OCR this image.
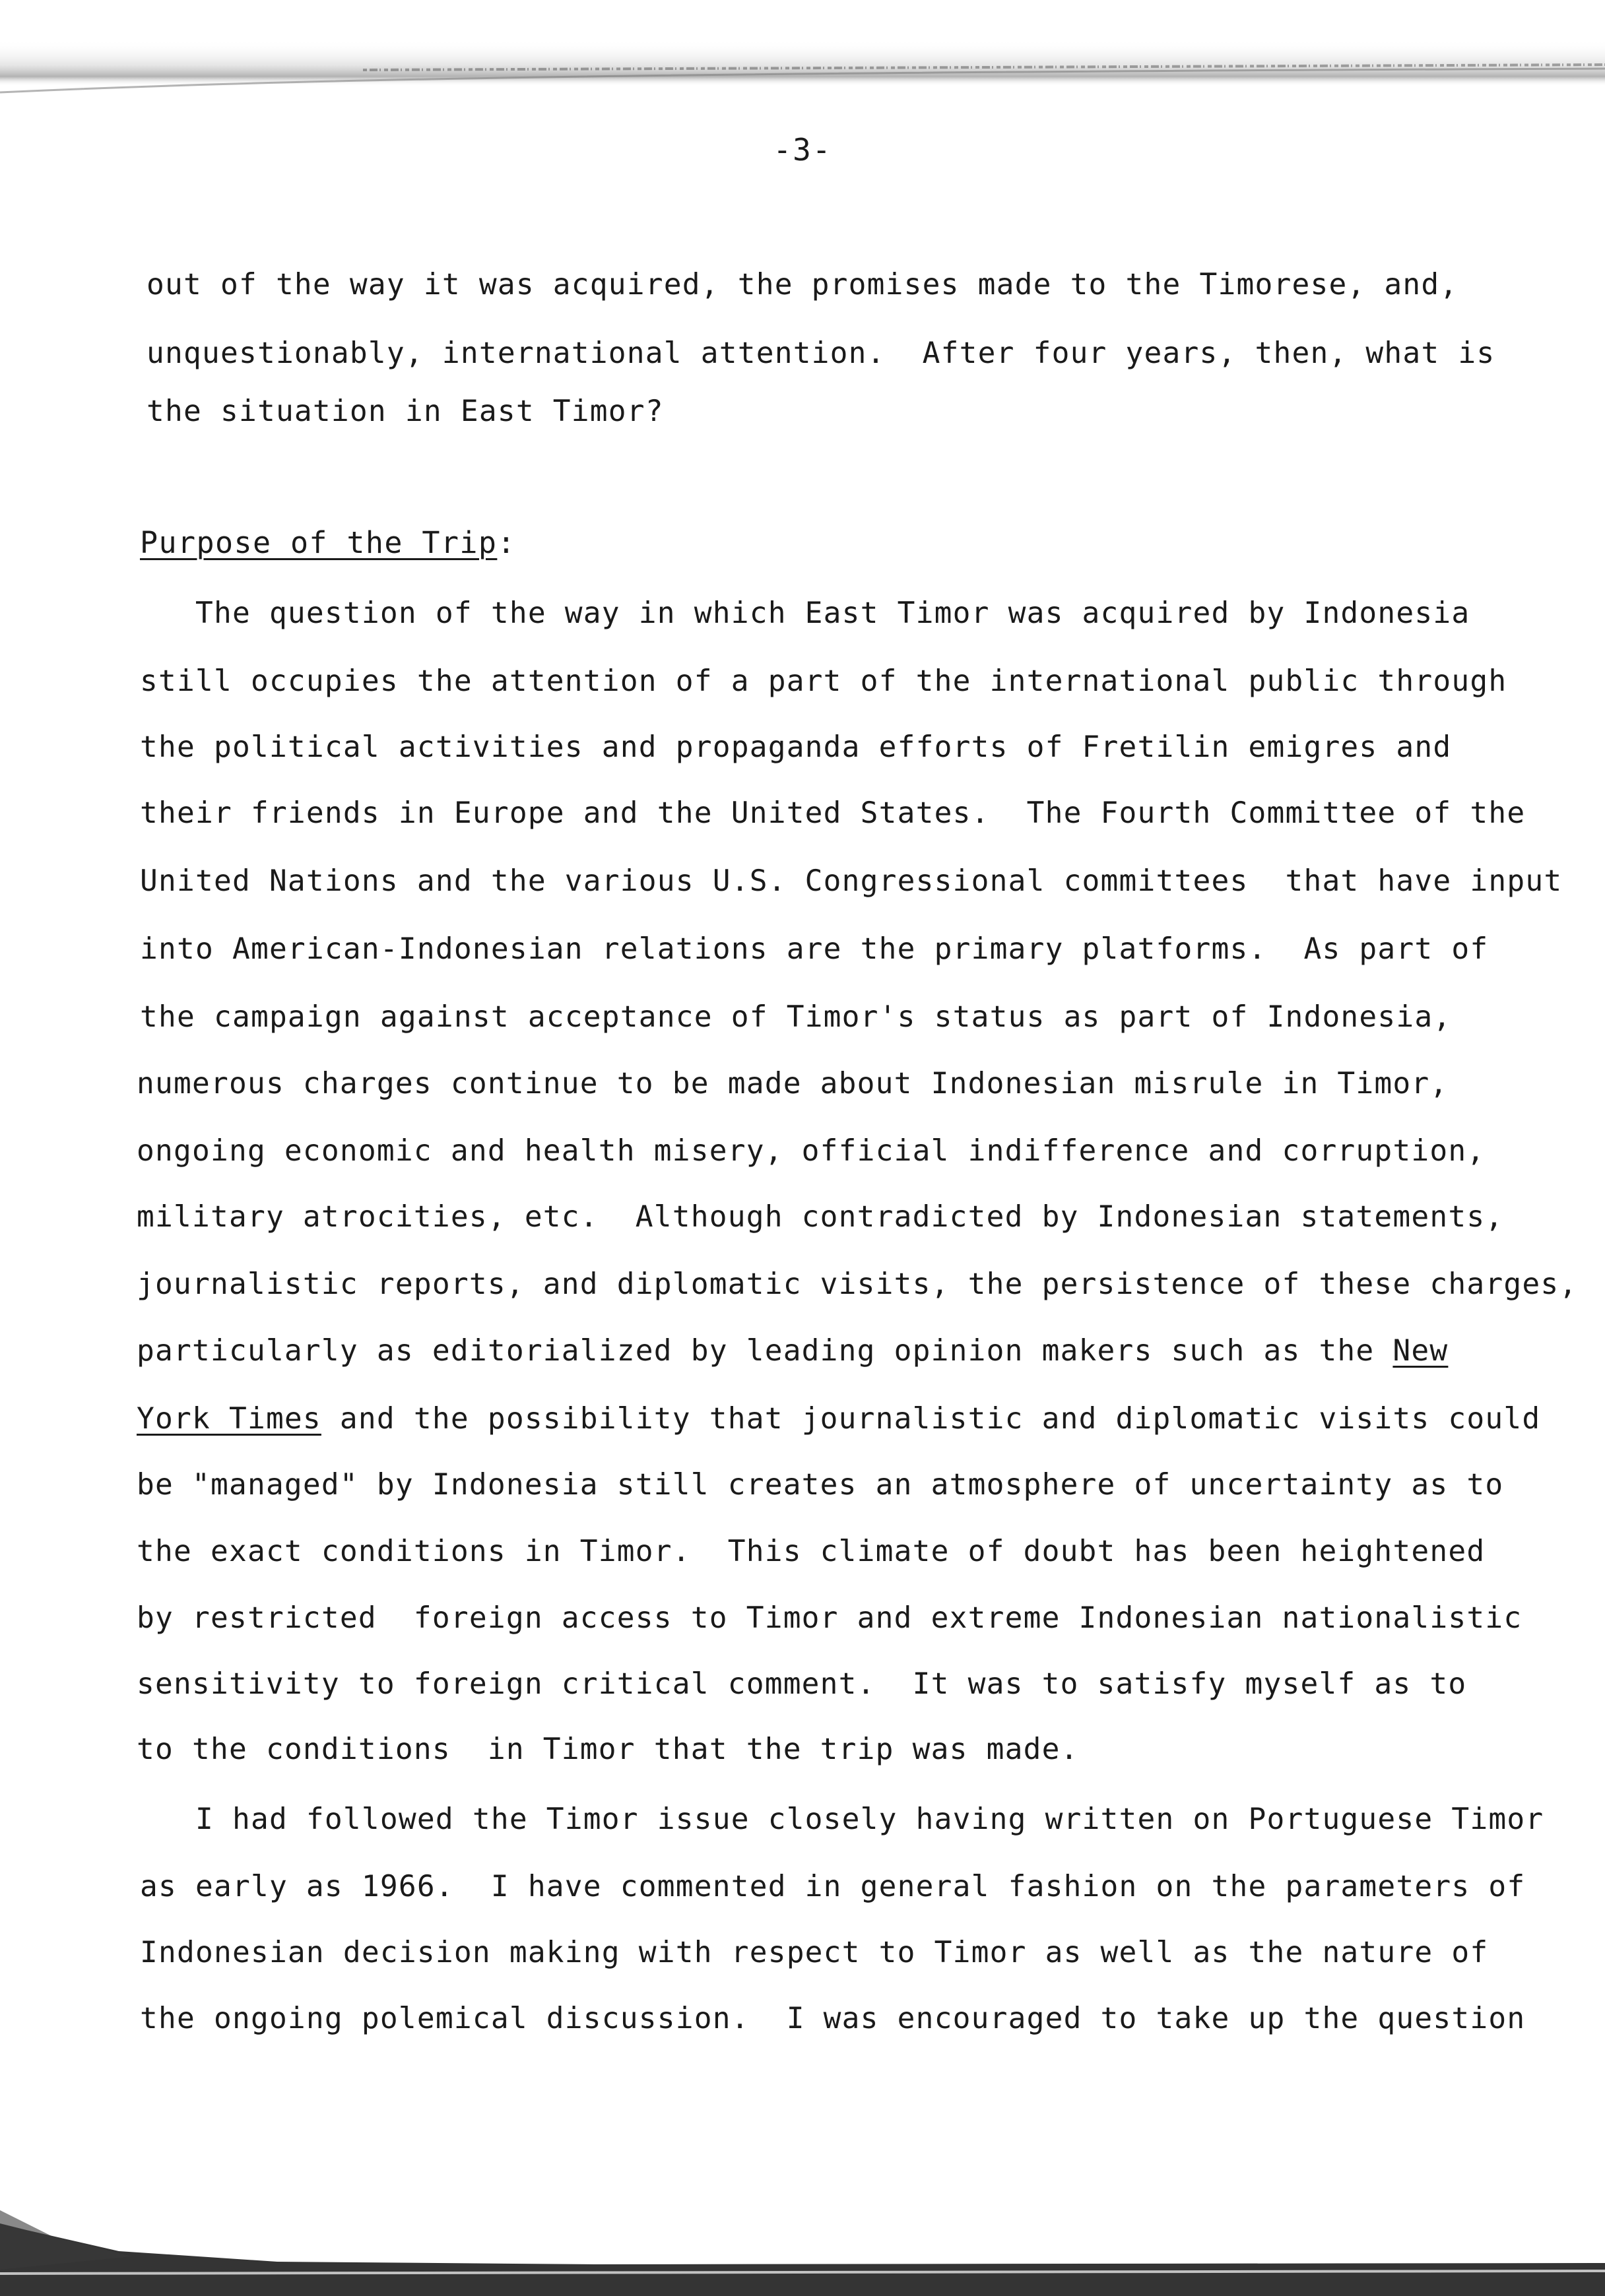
-3-
out of the way it was acquired, the promises made to the Timorese, and,
unquestionably, international attention.  After four years, then, what is
the situation in East Timor?
Purpose of the Trip:
The question of the way in which East Timor was acquired by Indonesia
still occupies the attention of a part of the international public through
the political activities and propaganda efforts of Fretilin emigres and
their friends in Europe and the United States.  The Fourth Committee of the
United Nations and the various U.S. Congressional committees  that have input
into American-Indonesian relations are the primary platforms.  As part of
the campaign against acceptance of Timor's status as part of Indonesia,
numerous charges continue to be made about Indonesian misrule in Timor,
ongoing economic and health misery, official indifference and corruption,
military atrocities, etc.  Although contradicted by Indonesian statements,
journalistic reports, and diplomatic visits, the persistence of these charges,
particularly as editorialized by leading opinion makers such as the New
York Times and the possibility that journalistic and diplomatic visits could
be "managed" by Indonesia still creates an atmosphere of uncertainty as to
the exact conditions in Timor.  This climate of doubt has been heightened
by restricted  foreign access to Timor and extreme Indonesian nationalistic
sensitivity to foreign critical comment.  It was to satisfy myself as to
to the conditions  in Timor that the trip was made.
I had followed the Timor issue closely having written on Portuguese Timor
as early as 1966.  I have commented in general fashion on the parameters of
Indonesian decision making with respect to Timor as well as the nature of
the ongoing polemical discussion.  I was encouraged to take up the question
